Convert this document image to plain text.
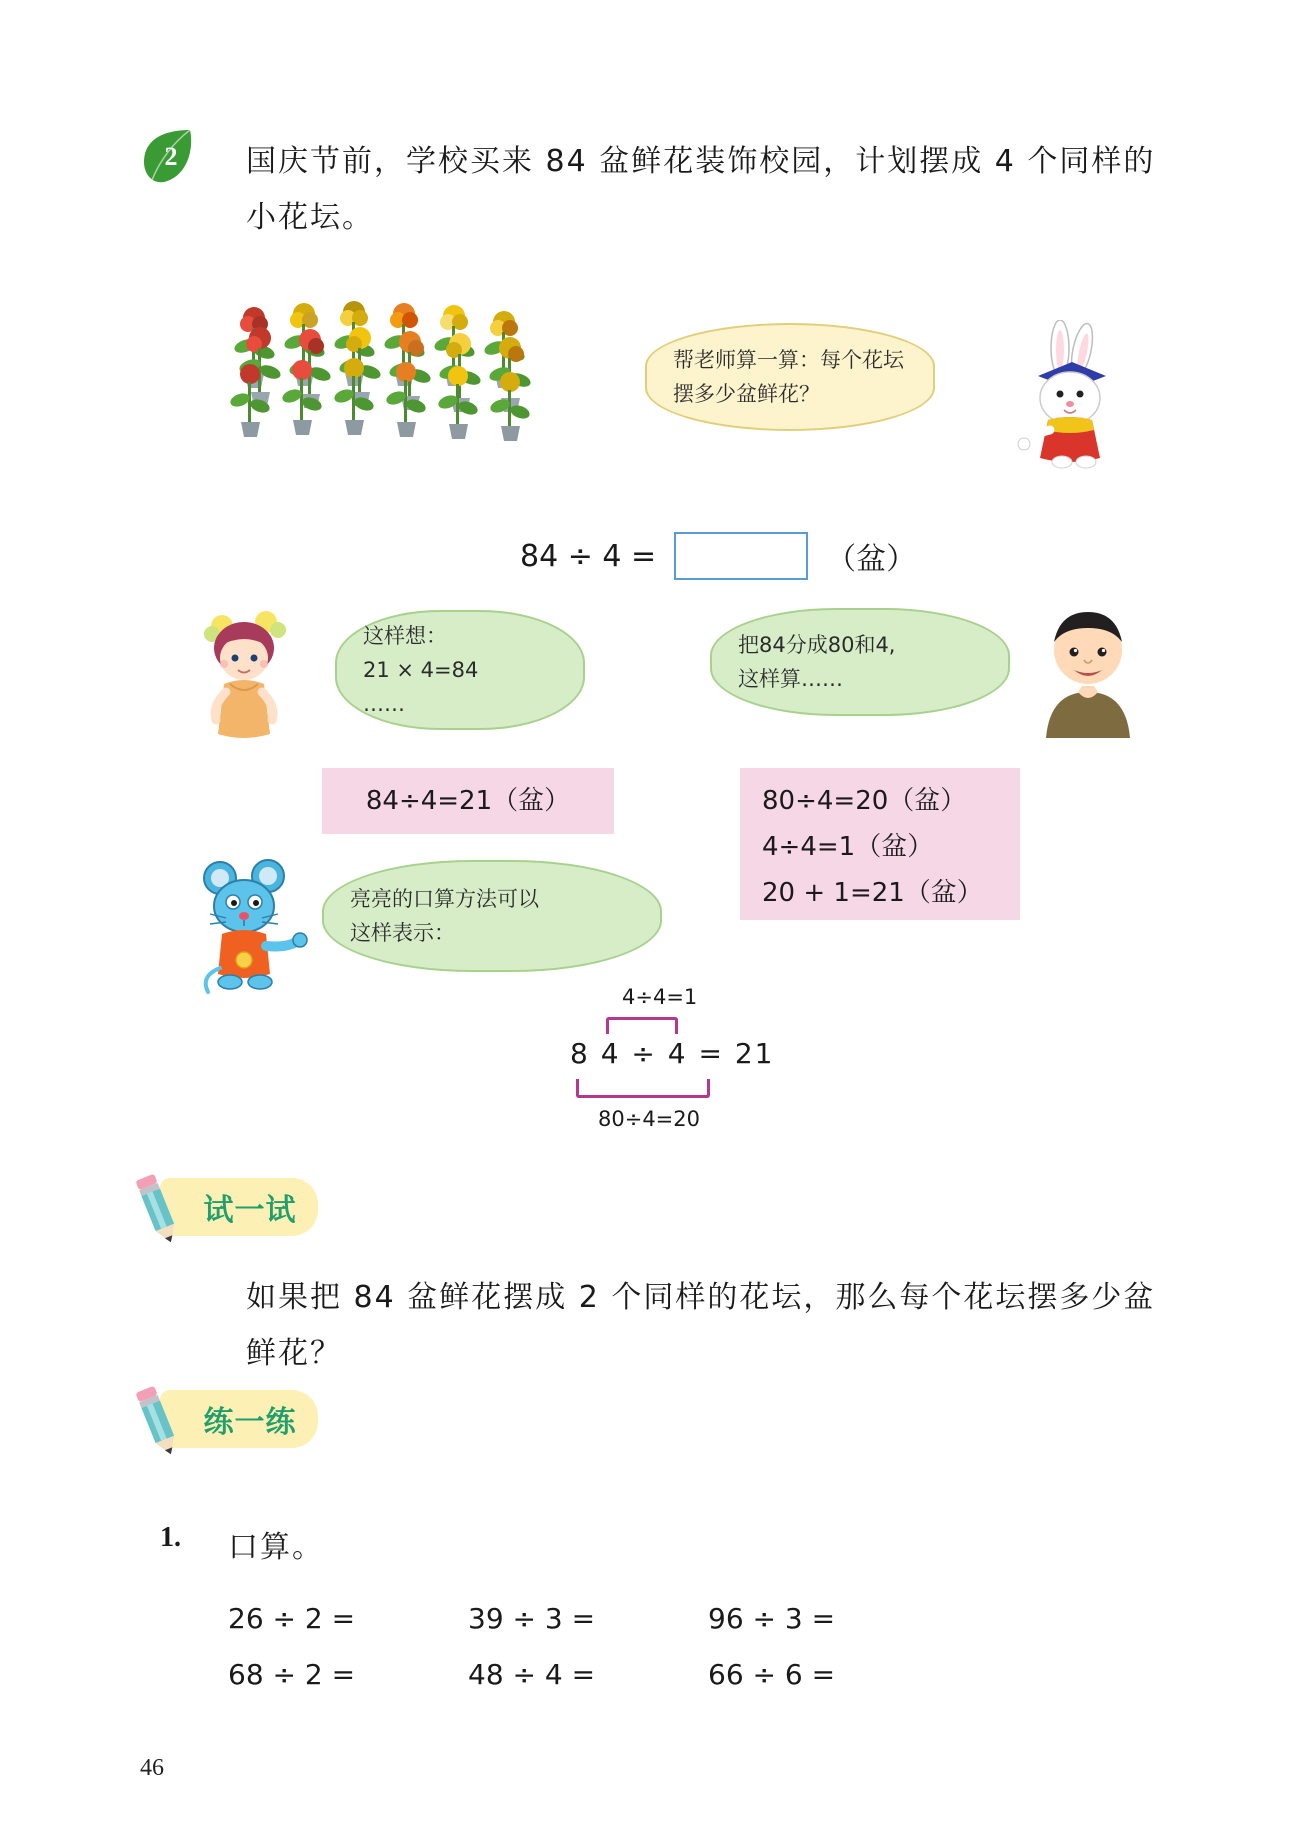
2	国庆节前，学校买来 84 盆鲜花装饰校园，计划摆成 4 个同样的小花坛。
帮老师算一算：每个花坛摆多少盆鲜花？
84 ÷ 4 =	（盆）
这样想：
21 × 4=84
……
把84分成80和4,
这样算……
84÷4=21（盆）	80÷4=20（盆）
4÷4=1（盆）
20 + 1=21（盆）
亮亮的口算方法可以
这样表示：
4÷4=1
8 4 ÷ 4 = 21
80÷4=20
试一试
如果把 84 盆鲜花摆成 2 个同样的花坛，那么每个花坛摆多少盆鲜花？
练一练
1. 口算。
26 ÷ 2 =	39 ÷ 3 =	96 ÷ 3 =
68 ÷ 2 =	48 ÷ 4 =	66 ÷ 6 =
46
